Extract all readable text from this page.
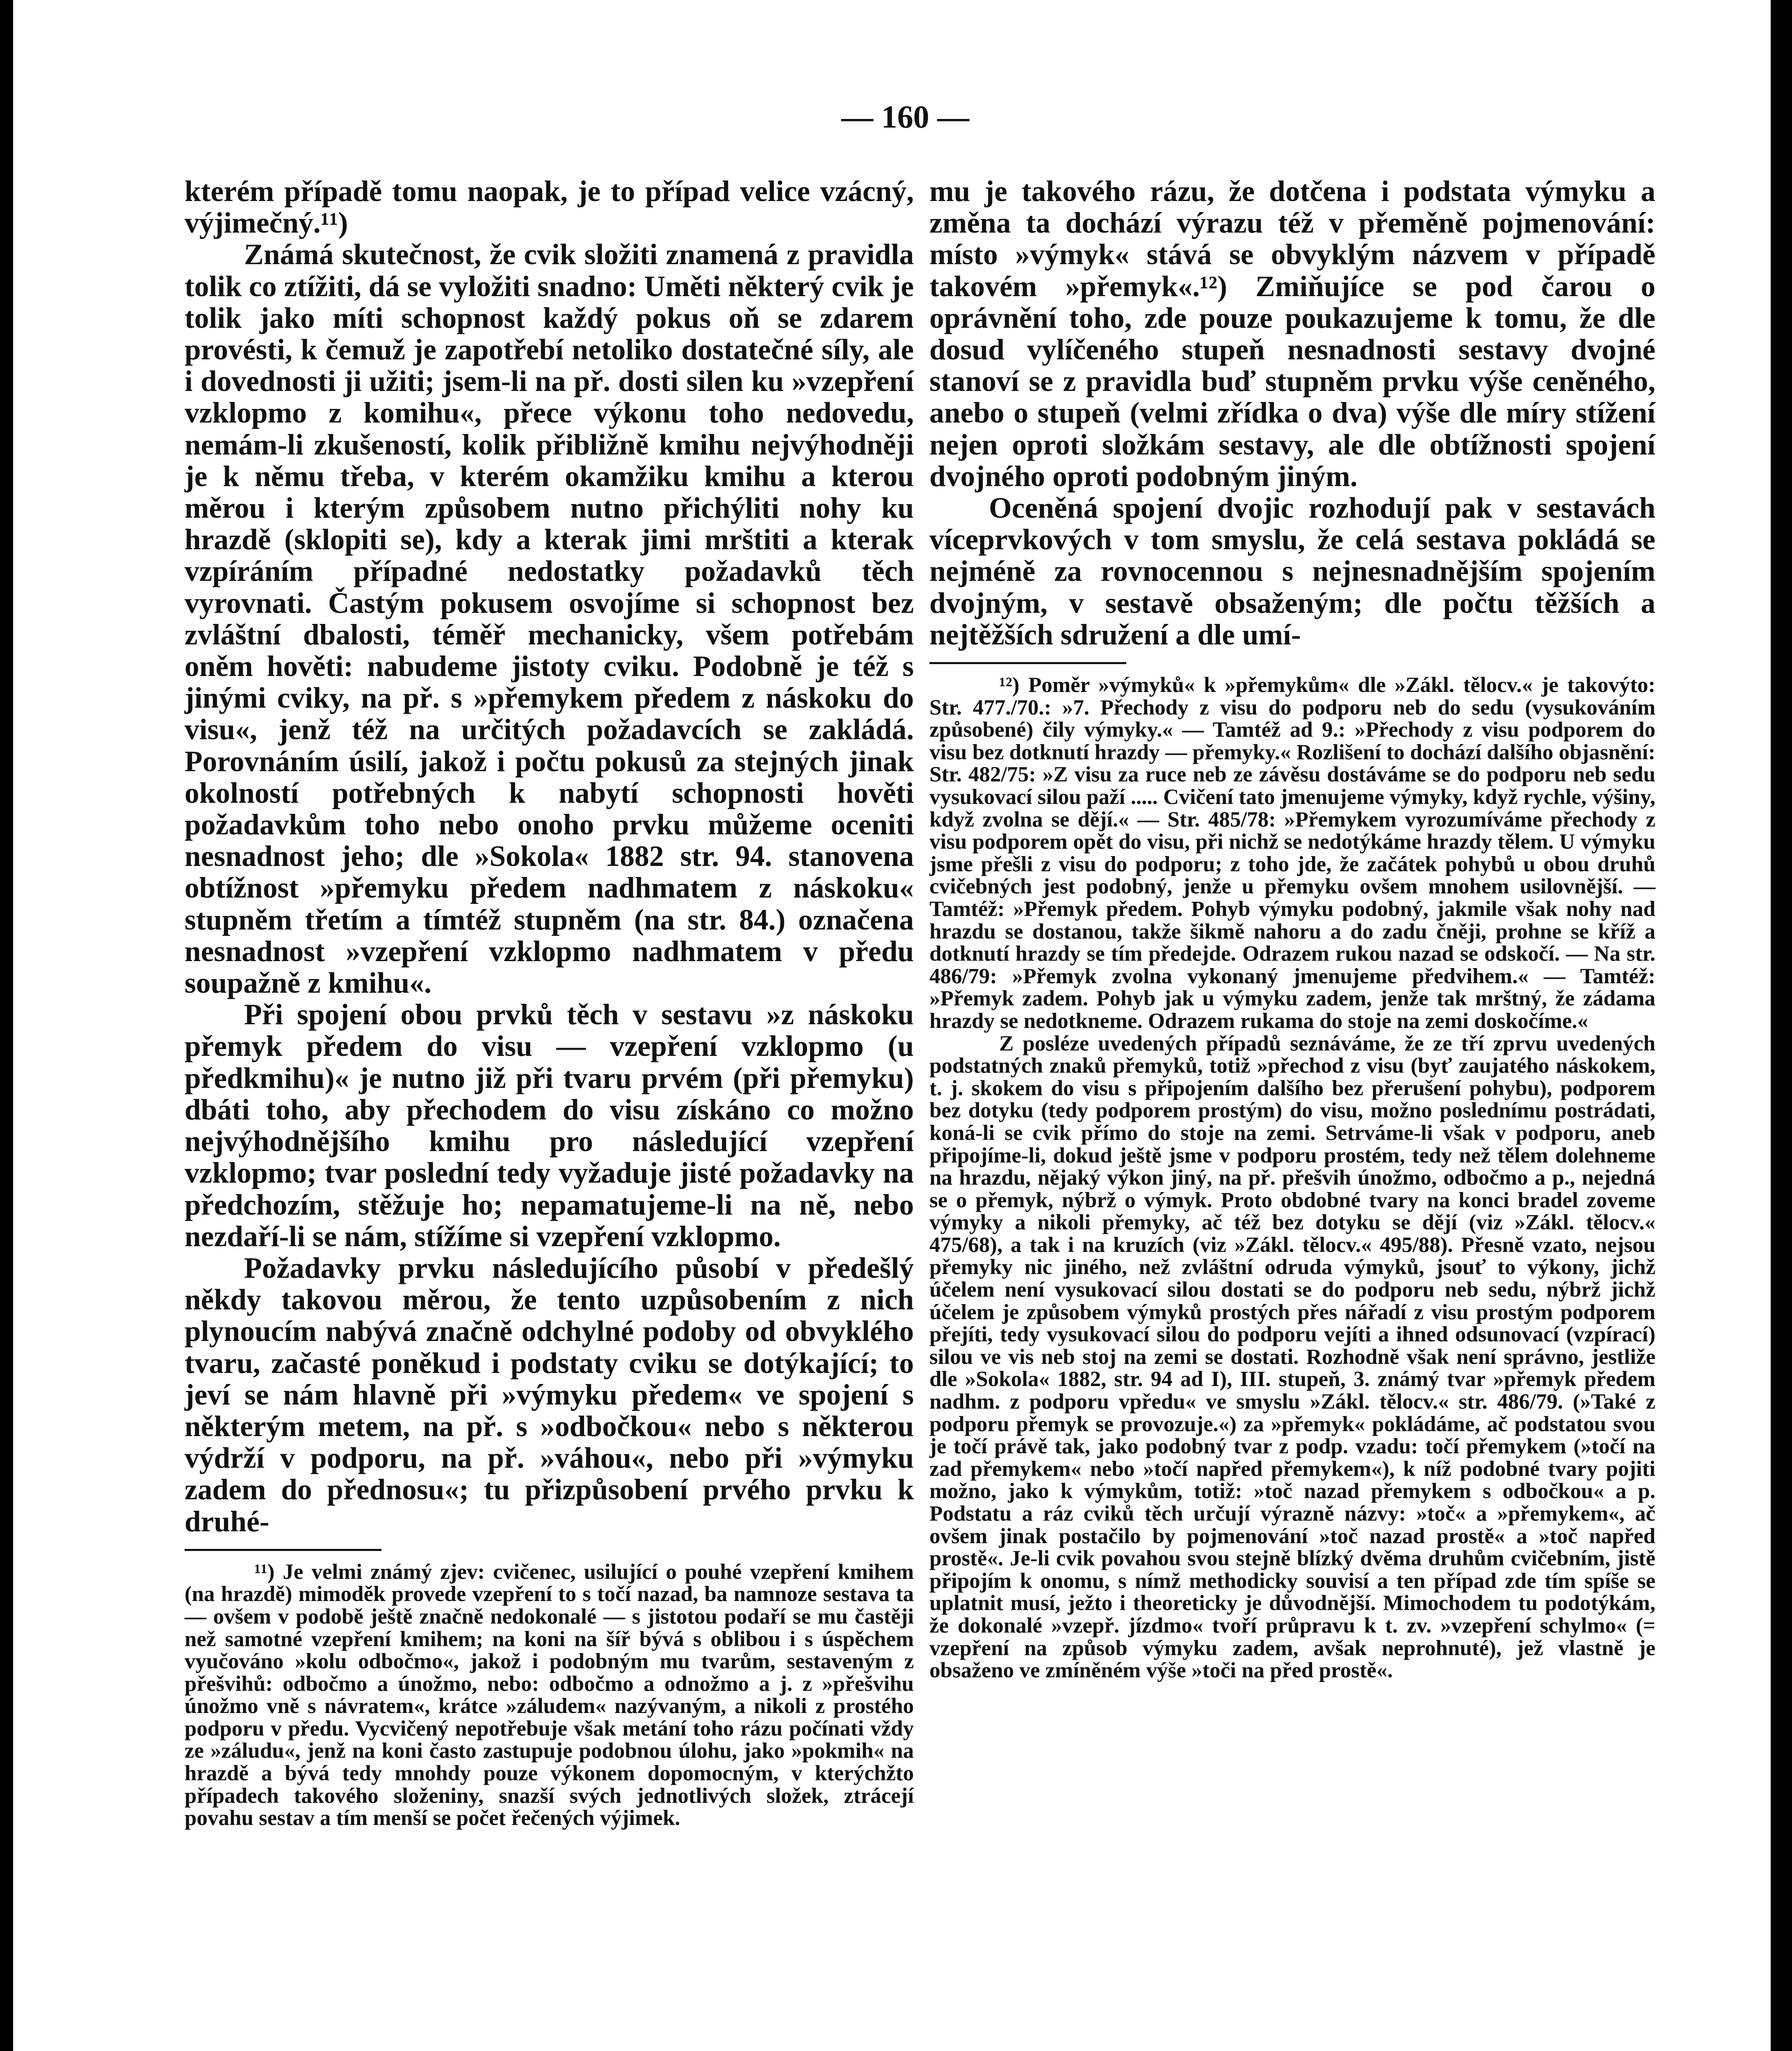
— 160 —

kterém případě tomu naopak, je to případ velice vzácný, výjimečný.¹¹)

Známá skutečnost, že cvik složiti znamená z pravidla tolik co ztížiti, dá se vyložiti snadno: Uměti některý cvik je tolik jako míti schopnost každý pokus oň se zdarem provésti, k čemuž je zapotřebí netoliko dostatečné síly, ale i dovednosti ji užiti; jsem-li na př. dosti silen ku »vzepření vzklopmo z komihu«, přece výkonu toho nedovedu, nemám-li zkušeností, kolik přibližně kmihu nejvýhodněji je k němu třeba, v kterém okamžiku kmihu a kterou měrou i kterým způsobem nutno přichýliti nohy ku hrazdě (sklopiti se), kdy a kterak jimi mrštiti a kterak vzpíráním případné nedostatky požadavků těch vyrovnati. Častým pokusem osvojíme si schopnost bez zvláštní dbalosti, téměř mechanicky, všem potřebám oněm hověti: nabudeme jistoty cviku. Podobně je též s jinými cviky, na př. s »přemykem předem z náskoku do visu«, jenž též na určitých požadavcích se zakládá. Porovnáním úsilí, jakož i počtu pokusů za stejných jinak okolností potřebných k nabytí schopnosti hověti požadavkům toho nebo onoho prvku můžeme oceniti nesnadnost jeho; dle »Sokola« 1882 str. 94. stanovena obtížnost »přemyku předem nadhmatem z náskoku« stupněm třetím a tímtéž stupněm (na str. 84.) označena nesnadnost »vzepření vzklopmo nadhmatem v předu soupažně z kmihu«.

Při spojení obou prvků těch v sestavu »z náskoku přemyk předem do visu — vzepření vzklopmo (u předkmihu)« je nutno již při tvaru prvém (při přemyku) dbáti toho, aby přechodem do visu získáno co možno nejvýhodnějšího kmihu pro následující vzepření vzklopmo; tvar poslední tedy vyžaduje jisté požadavky na předchozím, stěžuje ho; nepamatujeme-li na ně, nebo nezdaří-li se nám, stížíme si vzepření vzklopmo.

Požadavky prvku následujícího působí v předešlý někdy takovou měrou, že tento uzpůsobením z nich plynoucím nabývá značně odchylné podoby od obvyklého tvaru, začasté poněkud i podstaty cviku se dotýkající; to jeví se nám hlavně při »výmyku předem« ve spojení s některým metem, na př. s »odbočkou« nebo s některou výdrží v podporu, na př. »váhou«, nebo při »výmyku zadem do přednosu«; tu přizpůsobení prvého prvku k druhé-

¹¹) Je velmi známý zjev: cvičenec, usilující o pouhé vzepření kmihem (na hrazdě) mimoděk provede vzepření to s točí nazad, ba namnoze sestava ta — ovšem v podobě ještě značně nedokonalé — s jistotou podaří se mu častěji než samotné vzepření kmihem; na koni na šíř bývá s oblibou i s úspěchem vyučováno »kolu odbočmo«, jakož i podobným mu tvarům, sestaveným z přešvihů: odbočmo a únožmo, nebo: odbočmo a odnožmo a j. z »přešvihu únožmo vně s návratem«, krátce »záludem« nazývaným, a nikoli z prostého podporu v předu. Vycvičený nepotřebuje však metání toho rázu počínati vždy ze »záludu«, jenž na koni často zastupuje podobnou úlohu, jako »pokmih« na hrazdě a bývá tedy mnohdy pouze výkonem dopomocným, v kterýchžto případech takového složeniny, snazší svých jednotlivých složek, ztrácejí povahu sestav a tím menší se počet řečených výjimek.

mu je takového rázu, že dotčena i podstata výmyku a změna ta dochází výrazu též v přeměně pojmenování: místo »výmyk« stává se obvyklým názvem v případě takovém »přemyk«.¹²) Zmiňujíce se pod čarou o oprávnění toho, zde pouze poukazujeme k tomu, že dle dosud vylíčeného stupeň nesnadnosti sestavy dvojné stanoví se z pravidla buď stupněm prvku výše ceněného, anebo o stupeň (velmi zřídka o dva) výše dle míry stížení nejen oproti složkám sestavy, ale dle obtížnosti spojení dvojného oproti podobným jiným.

Oceněná spojení dvojic rozhodují pak v sestavách víceprvkových v tom smyslu, že celá sestava pokládá se nejméně za rovnocennou s nejnesnadnějším spojením dvojným, v sestavě obsaženým; dle počtu těžších a nejtěžších sdružení a dle umí-

¹²) Poměr »výmyků« k »přemykům« dle »Zákl. tělocv.« je takovýto: Str. 477./70.: »7. Přechody z visu do podporu neb do sedu (vysukováním způsobené) čily výmyky.« — Tamtéž ad 9.: »Přechody z visu podporem do visu bez dotknutí hrazdy — přemyky.« Rozlišení to dochází dalšího objasnění: Str. 482/75: »Z visu za ruce neb ze závěsu dostáváme se do podporu neb sedu vysukovací silou paží ..... Cvičení tato jmenujeme výmyky, když rychle, výšiny, když zvolna se dějí.« — Str. 485/78: »Přemykem vyrozumíváme přechody z visu podporem opět do visu, při nichž se nedotýkáme hrazdy tělem. U výmyku jsme přešli z visu do podporu; z toho jde, že začátek pohybů u obou druhů cvičebných jest podobný, jenže u přemyku ovšem mnohem usilovnější. — Tamtéž: »Přemyk předem. Pohyb výmyku podobný, jakmile však nohy nad hrazdu se dostanou, takže šikmě nahoru a do zadu čněji, prohne se kříž a dotknutí hrazdy se tím předejde. Odrazem rukou nazad se odskočí. — Na str. 486/79: »Přemyk zvolna vykonaný jmenujeme předvihem.« — Tamtéž: »Přemyk zadem. Pohyb jak u výmyku zadem, jenže tak mrštný, že zádama hrazdy se nedotkneme. Odrazem rukama do stoje na zemi doskočíme.«

Z posléze uvedených případů seznáváme, že ze tří zprvu uvedených podstatných znaků přemyků, totiž »přechod z visu (byť zaujatého náskokem, t. j. skokem do visu s připojením dalšího bez přerušení pohybu), podporem bez dotyku (tedy podporem prostým) do visu, možno poslednímu postrádati, koná-li se cvik přímo do stoje na zemi. Setrváme-li však v podporu, aneb připojíme-li, dokud ještě jsme v podporu prostém, tedy než tělem dolehneme na hrazdu, nějaký výkon jiný, na př. přešvih únožmo, odbočmo a p., nejedná se o přemyk, nýbrž o výmyk. Proto obdobné tvary na konci bradel zoveme výmyky a nikoli přemyky, ač též bez dotyku se dějí (viz »Zákl. tělocv.« 475/68), a tak i na kruzích (viz »Zákl. tělocv.« 495/88). Přesně vzato, nejsou přemyky nic jiného, než zvláštní odruda výmyků, jsouť to výkony, jichž účelem není vysukovací silou dostati se do podporu neb sedu, nýbrž jichž účelem je způsobem výmyků prostých přes nářadí z visu prostým podporem přejíti, tedy vysukovací silou do podporu vejíti a ihned odsunovací (vzpírací) silou ve vis neb stoj na zemi se dostati. Rozhodně však není správno, jestliže dle »Sokola« 1882, str. 94 ad I), III. stupeň, 3. známý tvar »přemyk předem nadhm. z podporu vpředu« ve smyslu »Zákl. tělocv.« str. 486/79. (»Také z podporu přemyk se provozuje.«) za »přemyk« pokládáme, ač podstatou svou je točí právě tak, jako podobný tvar z podp. vzadu: točí přemykem (»točí na zad přemykem« nebo »točí napřed přemykem«), k níž podobné tvary pojiti možno, jako k výmykům, totiž: »toč nazad přemykem s odbočkou« a p. Podstatu a ráz cviků těch určují výrazně názvy: »toč« a »přemykem«, ač ovšem jinak postačilo by pojmenování »toč nazad prostě« a »toč napřed prostě«. Je-li cvik povahou svou stejně blízký dvěma druhům cvičebním, jistě připojím k onomu, s nímž methodicky souvisí a ten případ zde tím spíše se uplatnit musí, ježto i theoreticky je důvodnější. Mimochodem tu podotýkám, že dokonalé »vzepř. jízdmo« tvoří průpravu k t. zv. »vzepření schylmo« (= vzepření na způsob výmyku zadem, avšak neprohnuté), jež vlastně je obsaženo ve zmíněném výše »toči na před prostě«.
